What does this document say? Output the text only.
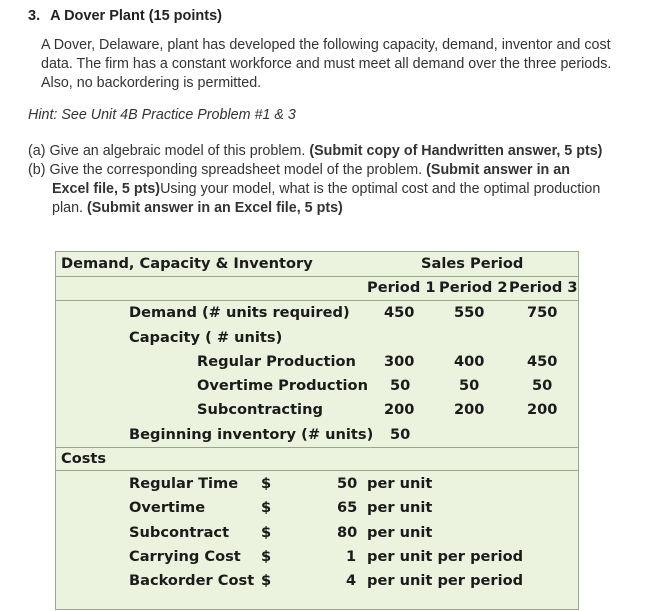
3. A Dover Plant (15 points)
A Dover, Delaware, plant has developed the following capacity, demand, inventor and cost
data. The firm has a constant workforce and must meet all demand over the three periods.
Also, no backordering is permitted.
Hint: See Unit 4B Practice Problem #1 & 3
(a) Give an algebraic model of this problem. (Submit copy of Handwritten answer, 5 pts)
(b) Give the corresponding spreadsheet model of the problem. (Submit answer in an
Excel file, 5 pts)Using your model, what is the optimal cost and the optimal production
plan. (Submit answer in an Excel file, 5 pts)
Demand, Capacity & Inventory	Sales Period
Period 1 Period 2 Period 3
Demand (# units required) 450	550	750
Capacity ( # units)
Regular Production 300	400	450
Overtime Production 50	50	50
Subcontracting	200	200	200
Beginning inventory (# units) 50
Costs
Regular Time $	50 per unit
Overtime	$	65 per unit
Subcontract $	80 per unit
Carrying Cost $	1 per unit per period
Backorder Cost $	4 per unit per period
